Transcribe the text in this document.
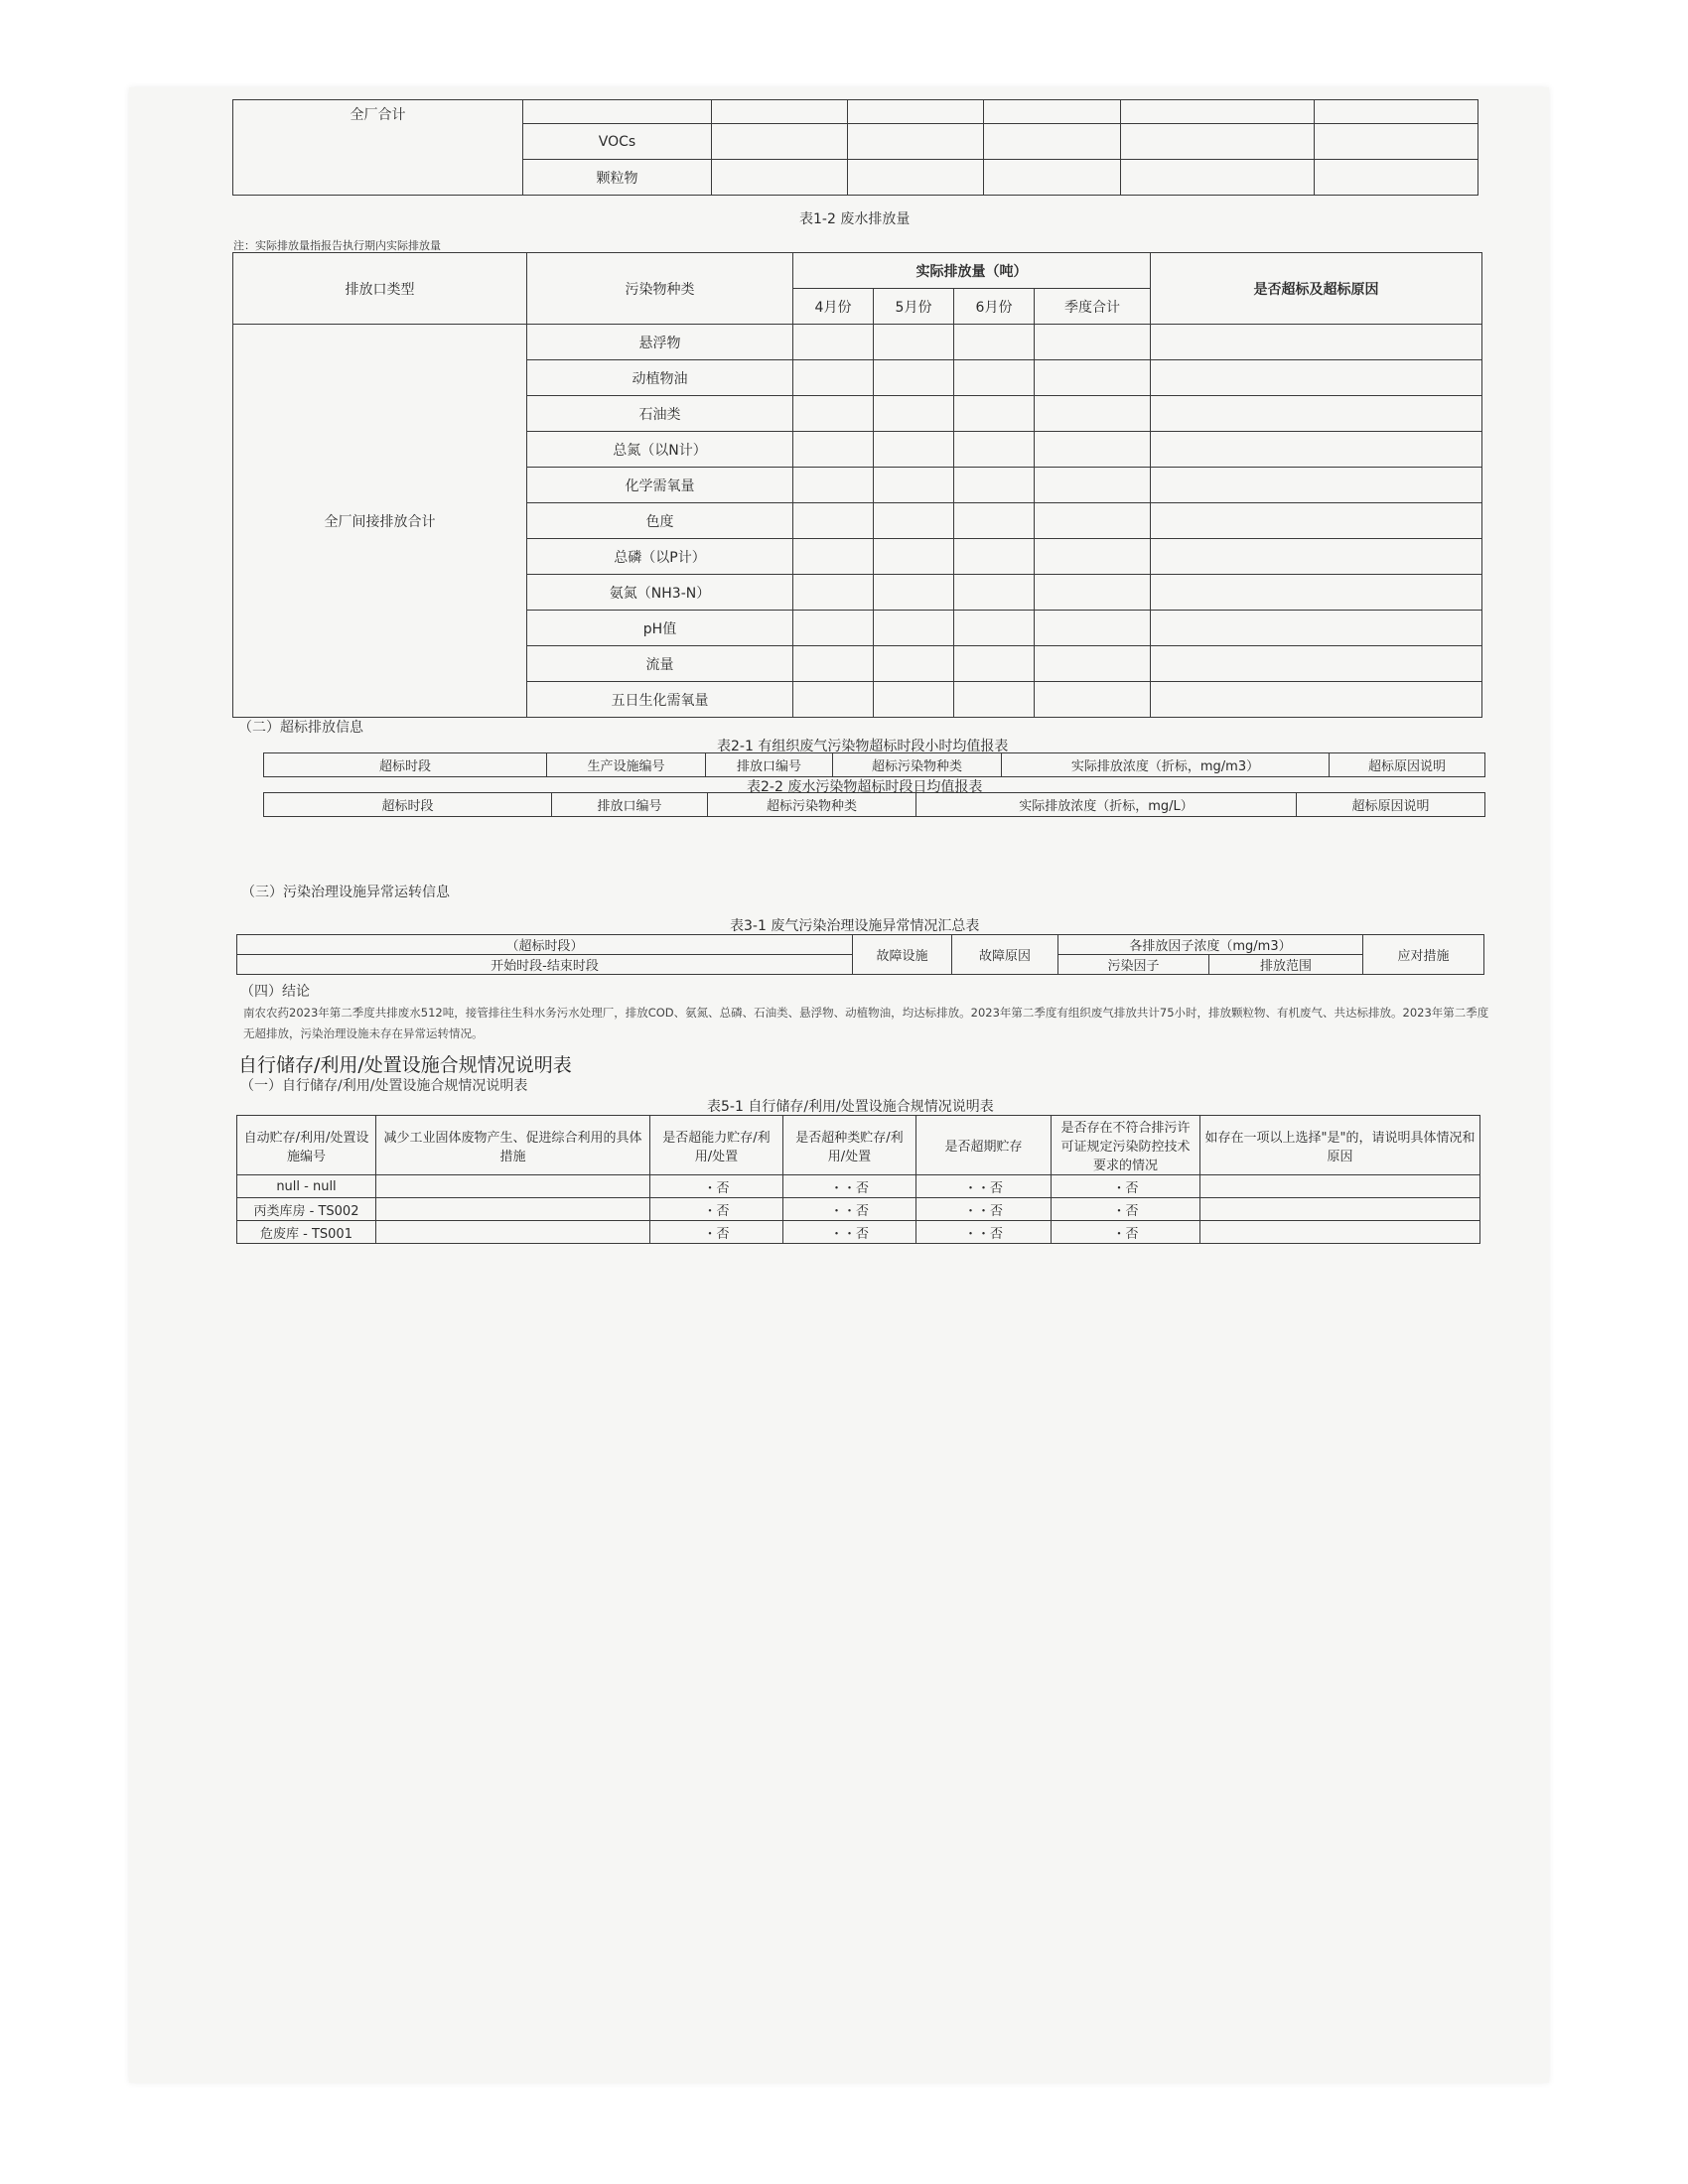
全厂合计						
	VOCs					
	颗粒物					
表1-2 废水排放量
注：实际排放量指报告执行期内实际排放量
排放口类型	污染物种类	实际排放量（吨）				是否超标及超标原因
		4月份	5月份	6月份	季度合计	
全厂间接排放合计	悬浮物					
	动植物油					
	石油类					
	总氮（以N计）					
	化学需氧量					
	色度					
	总磷（以P计）					
	氨氮（NH3-N）					
	pH值					
	流量					
	五日生化需氧量					
（二）超标排放信息
表2-1 有组织废气污染物超标时段小时均值报表
超标时段	生产设施编号	排放口编号	超标污染物种类	实际排放浓度（折标，mg/m3）	超标原因说明
表2-2 废水污染物超标时段日均值报表
超标时段	排放口编号	超标污染物种类	实际排放浓度（折标，mg/L）	超标原因说明
（三）污染治理设施异常运转信息
表3-1 废气污染治理设施异常情况汇总表
（超标时段）	故障设施	故障原因	各排放因子浓度（mg/m3）		应对措施
开始时段-结束时段			污染因子	排放范围	
（四）结论
南农农药2023年第二季度共排废水512吨，接管排往生科水务污水处理厂，排放COD、氨氮、总磷、石油类、悬浮物、动植物油，均达标排放。2023年第二季度有组织废气排放共计75小时，排放颗粒物、有机废气、共达标排放。2023年第二季度无超排放，污染治理设施未存在异常运转情况。
自行储存/利用/处置设施合规情况说明表
（一）自行储存/利用/处置设施合规情况说明表
表5-1 自行储存/利用/处置设施合规情况说明表
自动贮存/利用/处置设施编号	减少工业固体废物产生、促进综合利用的具体措施	是否超能力贮存/利用/处置	是否超种类贮存/利用/处置	是否超期贮存	是否存在不符合排污许可证规定污染防控技术要求的情况	如存在一项以上选择"是"的，请说明具体情况和原因
null - null		・否	・・否	・・否	・否	
丙类库房 - TS002		・否	・・否	・・否	・否	
危废库 - TS001		・否	・・否	・・否	・否	
